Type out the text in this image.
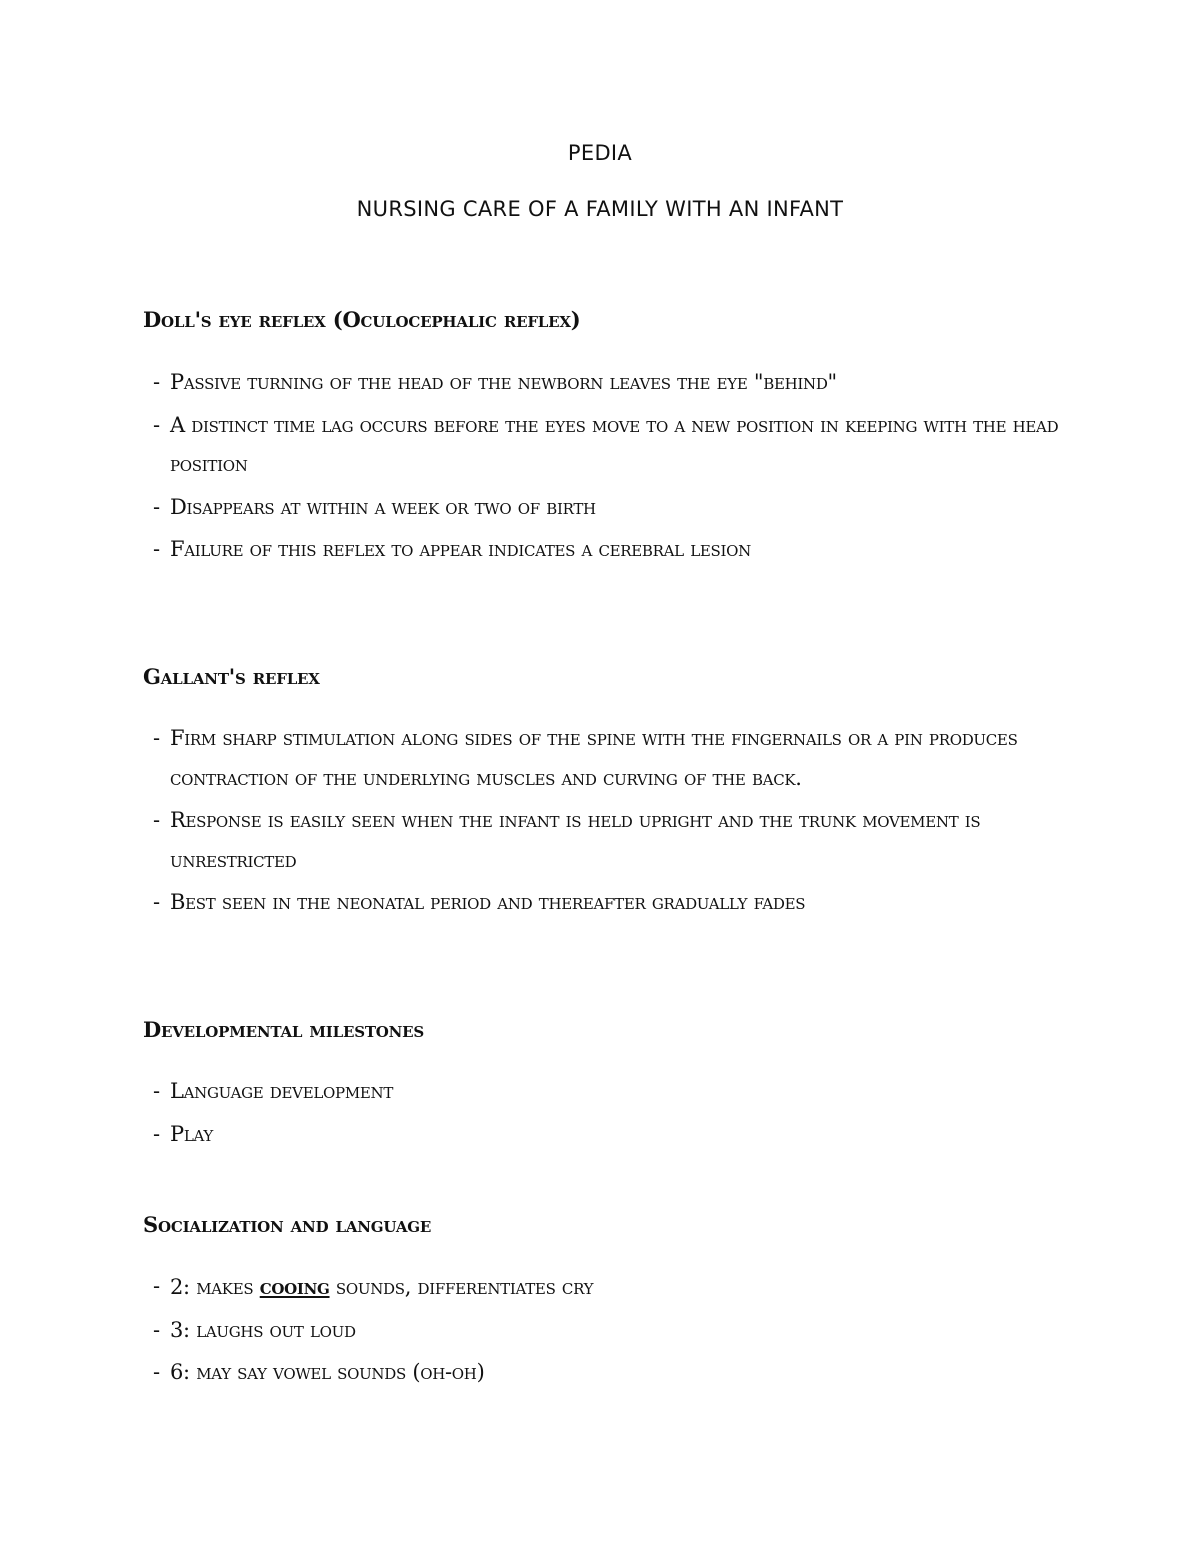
PEDIA
NURSING CARE OF A FAMILY WITH AN INFANT
Doll's eye reflex (Oculocephalic reflex)
- Passive turning of the head of the newborn leaves the eye "behind"
- A distinct time lag occurs before the eyes move to a new position in keeping with the head position
- Disappears at within a week or two of birth
- Failure of this reflex to appear indicates a cerebral lesion
Gallant's reflex
- Firm sharp stimulation along sides of the spine with the fingernails or a pin produces contraction of the underlying muscles and curving of the back.
- Response is easily seen when the infant is held upright and the trunk movement is unrestricted
- Best seen in the neonatal period and thereafter gradually fades
Developmental milestones
- Language development
- Play
Socialization and language
- 2: makes cooing sounds, differentiates cry
- 3: laughs out loud
- 6: may say vowel sounds (oh-oh)
